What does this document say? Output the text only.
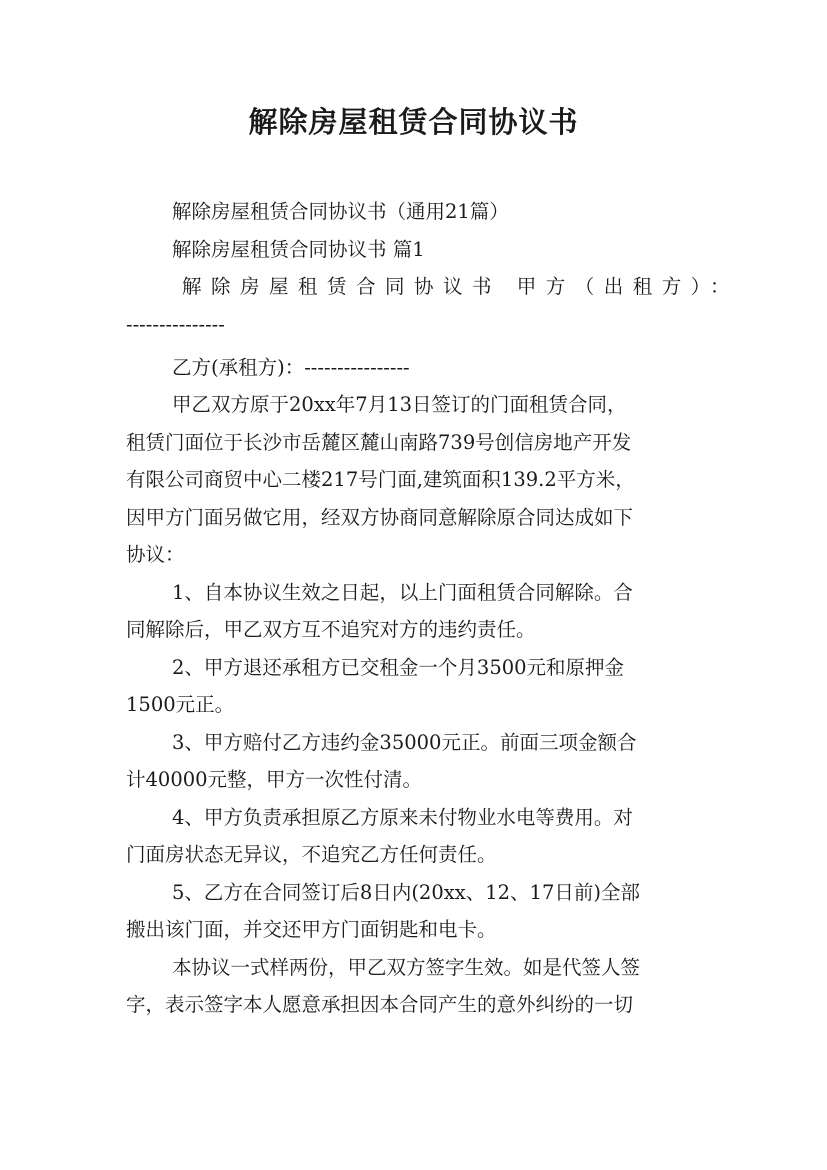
解除房屋租赁合同协议书

解除房屋租赁合同协议书（通用21篇）

解除房屋租赁合同协议书 篇1

解除房屋租赁合同协议书 甲方（出租方）：

---------------

乙方(承租方)：----------------

甲乙双方原于20xx年7月13日签订的门面租赁合同，

租赁门面位于长沙市岳麓区麓山南路739号创信房地产开发

有限公司商贸中心二楼217号门面,建筑面积139.2平方米，

因甲方门面另做它用，经双方协商同意解除原合同达成如下

协议：

1、自本协议生效之日起，以上门面租赁合同解除。合

同解除后，甲乙双方互不追究对方的违约责任。

2、甲方退还承租方已交租金一个月3500元和原押金

1500元正。

3、甲方赔付乙方违约金35000元正。前面三项金额合

计40000元整，甲方一次性付清。

4、甲方负责承担原乙方原来未付物业水电等费用。对

门面房状态无异议，不追究乙方任何责任。

5、乙方在合同签订后8日内(20xx、12、17日前)全部

搬出该门面，并交还甲方门面钥匙和电卡。

本协议一式样两份，甲乙双方签字生效。如是代签人签

字，表示签字本人愿意承担因本合同产生的意外纠纷的一切
